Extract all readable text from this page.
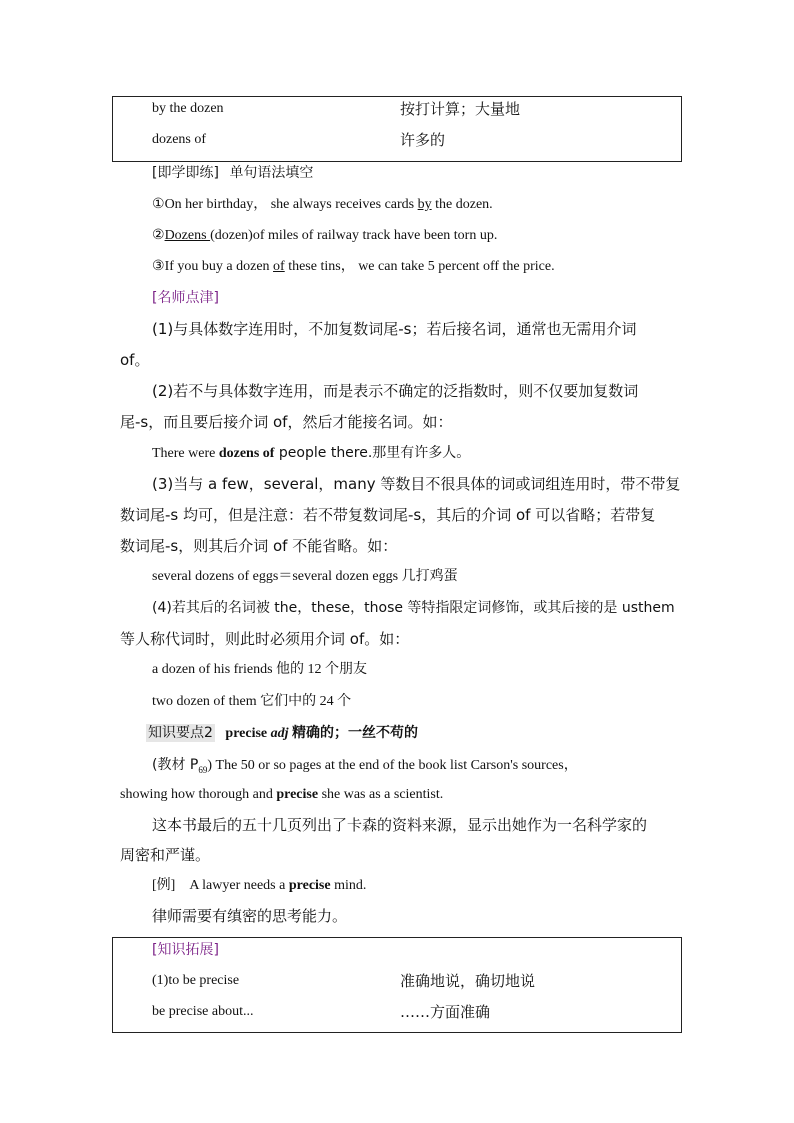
by the dozen	按打计算；大量地
dozens of	许多的
[即学即练] 单句语法填空
①On her birthday， she always receives cards by the dozen.
②Dozens (dozen)of miles of railway track have been torn up.
③If you buy a dozen of these tins， we can take 5 percent off the price.
[名师点津]
(1)与具体数字连用时，不加复数词尾-s；若后接名词，通常也无需用介词
of。
(2)若不与具体数字连用，而是表示不确定的泛指数时，则不仅要加复数词
尾-s，而且要后接介词 of，然后才能接名词。如：
There were dozens of people there.那里有许多人。
(3)当与 a few，several，many 等数目不很具体的词或词组连用时，带不带复
数词尾-s 均可，但是注意：若不带复数词尾-s，其后的介词 of 可以省略；若带复
数词尾-s，则其后介词 of 不能省略。如：
several dozens of eggs＝several dozen eggs 几打鸡蛋
(4)若其后的名词被 the，these，those 等特指限定词修饰，或其后接的是 usthem
等人称代词时，则此时必须用介词 of。如：
a dozen of his friends 他的 12 个朋友
two dozen of them 它们中的 24 个
知识要点2 precise adj 精确的；一丝不苟的
(教材 $P_{69}$) The 50 or so pages at the end of the book list Carson's sources，
showing how thorough and precise she was as a scientist.
这本书最后的五十几页列出了卡森的资料来源，显示出她作为一名科学家的
周密和严谨。
[例] A lawyer needs a precise mind.
律师需要有缜密的思考能力。
[知识拓展]
(1)to be precise	准确地说，确切地说
be precise about...	……方面准确
